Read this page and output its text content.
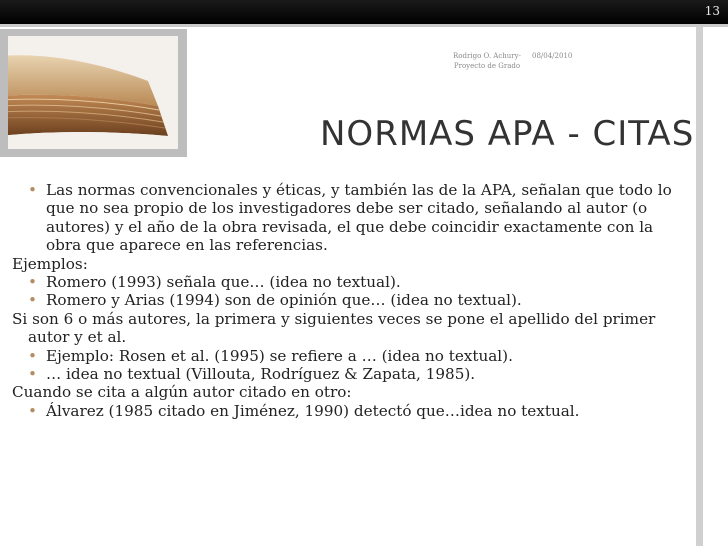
13
Rodrigo O. Achury- Proyecto de Grado
08/04/2010
NORMAS APA - CITAS
• Las normas convencionales y éticas, y también las de la APA, señalan que todo lo que no sea propio de los investigadores debe ser citado, señalando al autor (o autores) y el año de la obra revisada, el que debe coincidir exactamente con la obra que aparece en las referencias.
Ejemplos:
• Romero (1993) señala que… (idea no textual).
• Romero y Arias (1994) son de opinión que… (idea no textual).
Si son 6 o más autores, la primera y siguientes veces se pone el apellido del primer autor y et al.
• Ejemplo: Rosen et al. (1995) se refiere a … (idea no textual).
• … idea no textual (Villouta, Rodríguez & Zapata, 1985).
Cuando se cita a algún autor citado en otro:
• Álvarez (1985 citado en Jiménez, 1990) detectó que…idea no textual.
